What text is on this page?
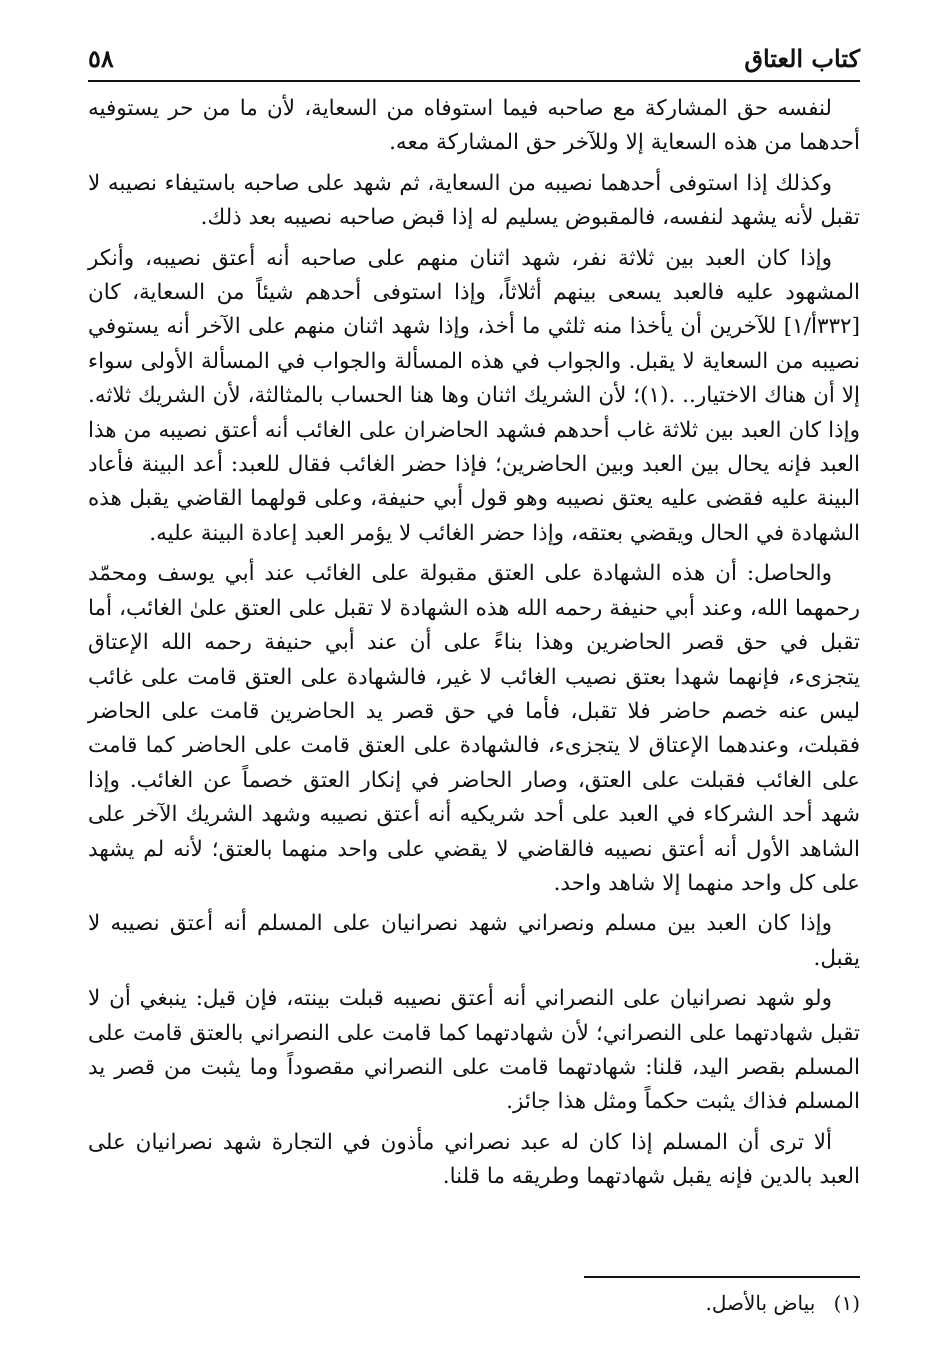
كتاب العتاق
٥٨

لنفسه حق المشاركة مع صاحبه فيما استوفاه من السعاية، لأن ما من حر يستوفيه أحدهما من هذه السعاية إلا وللآخر حق المشاركة معه.

وكذلك إذا استوفى أحدهما نصيبه من السعاية، ثم شهد على صاحبه باستيفاء نصيبه لا تقبل لأنه يشهد لنفسه، فالمقبوض يسليم له إذا قبض صاحبه نصيبه بعد ذلك.

وإذا كان العبد بين ثلاثة نفر، شهد اثنان منهم على صاحبه أنه أعتق نصيبه، وأنكر المشهود عليه فالعبد يسعى بينهم أثلاثاً، وإذا استوفى أحدهم شيئاً من السعاية، كان [٣٣٢أ/١] للآخرين أن يأخذا منه ثلثي ما أخذ، وإذا شهد اثنان منهم على الآخر أنه يستوفي نصيبه من السعاية لا يقبل. والجواب في هذه المسألة والجواب في المسألة الأولى سواء إلا أن هناك الاختيار.. .(١)؛ لأن الشريك اثنان وها هنا الحساب بالمثالثة، لأن الشريك ثلاثه. وإذا كان العبد بين ثلاثة غاب أحدهم فشهد الحاضران على الغائب أنه أعتق نصيبه من هذا العبد فإنه يحال بين العبد وبين الحاضرين؛ فإذا حضر الغائب فقال للعبد: أعد البينة فأعاد البينة عليه فقضى عليه يعتق نصيبه وهو قول أبي حنيفة، وعلى قولهما القاضي يقبل هذه الشهادة في الحال ويقضي بعتقه، وإذا حضر الغائب لا يؤمر العبد إعادة البينة عليه.

والحاصل: أن هذه الشهادة على العتق مقبولة على الغائب عند أبي يوسف ومحمّد رحمهما الله، وعند أبي حنيفة رحمه الله هذه الشهادة لا تقبل على العتق علىٰ الغائب، أما تقبل في حق قصر الحاضرين وهذا بناءً على أن عند أبي حنيفة رحمه الله الإعتاق يتجزىء، فإنهما شهدا بعتق نصيب الغائب لا غير، فالشهادة على العتق قامت على غائب ليس عنه خصم حاضر فلا تقبل، فأما في حق قصر يد الحاضرين قامت على الحاضر فقبلت، وعندهما الإعتاق لا يتجزىء، فالشهادة على العتق قامت على الحاضر كما قامت على الغائب فقبلت على العتق، وصار الحاضر في إنكار العتق خصماً عن الغائب. وإذا شهد أحد الشركاء في العبد على أحد شريكيه أنه أعتق نصيبه وشهد الشريك الآخر على الشاهد الأول أنه أعتق نصيبه فالقاضي لا يقضي على واحد منهما بالعتق؛ لأنه لم يشهد على كل واحد منهما إلا شاهد واحد.

وإذا كان العبد بين مسلم ونصراني شهد نصرانيان على المسلم أنه أعتق نصيبه لا يقبل.

ولو شهد نصرانيان على النصراني أنه أعتق نصيبه قبلت بينته، فإن قيل: ينبغي أن لا تقبل شهادتهما على النصراني؛ لأن شهادتهما كما قامت على النصراني بالعتق قامت على المسلم بقصر اليد، قلنا: شهادتهما قامت على النصراني مقصوداً وما يثبت من قصر يد المسلم فذاك يثبت حكماً ومثل هذا جائز.

ألا ترى أن المسلم إذا كان له عبد نصراني مأذون في التجارة شهد نصرانيان على العبد بالدين فإنه يقبل شهادتهما وطريقه ما قلنا.

(١) بياض بالأصل.
